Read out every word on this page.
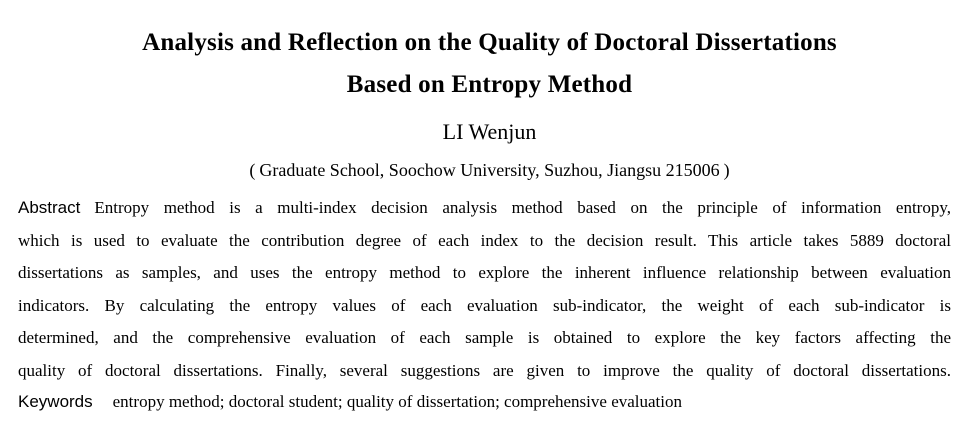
Analysis and Reflection on the Quality of Doctoral Dissertations
Based on Entropy Method
LI Wenjun
( Graduate School, Soochow University, Suzhou, Jiangsu 215006 )
Abstract Entropy method is a multi-index decision analysis method based on the principle of information entropy,
which is used to evaluate the contribution degree of each index to the decision result. This article takes 5889 doctoral
dissertations as samples, and uses the entropy method to explore the inherent influence relationship between evaluation
indicators. By calculating the entropy values of each evaluation sub-indicator, the weight of each sub-indicator is
determined, and the comprehensive evaluation of each sample is obtained to explore the key factors affecting the
quality of doctoral dissertations. Finally, several suggestions are given to improve the quality of doctoral dissertations.
Keywords entropy method; doctoral student; quality of dissertation; comprehensive evaluation
